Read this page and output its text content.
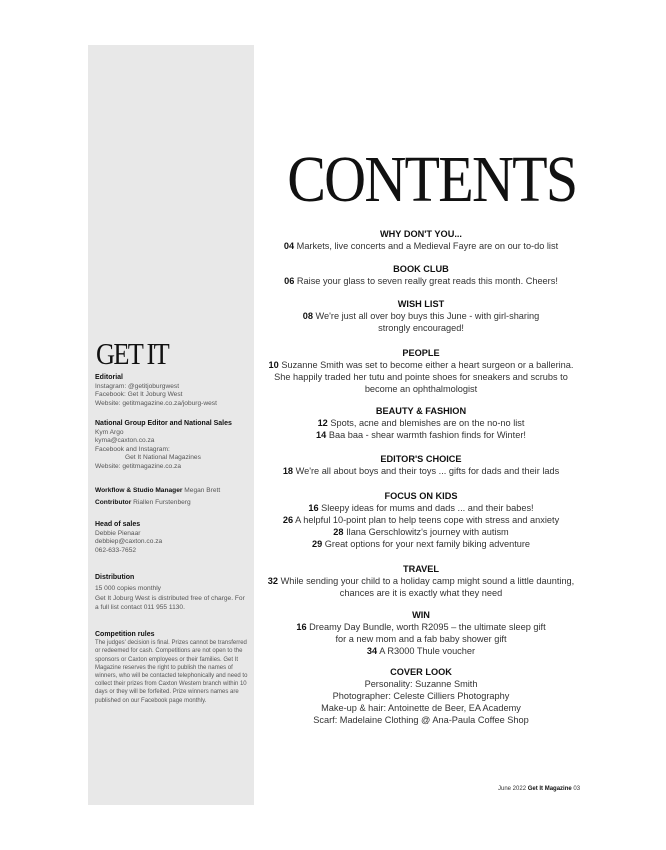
GET IT

Editorial

Instagram: @getitjoburgwest

Facebook: Get It Joburg West

Website: getitmagazine.co.za/joburg-west

National Group Editor and National Sales

Kym Argo

kyma@caxton.co.za

Facebook and Instagram:

Get It National Magazines

Website: getitmagazine.co.za

Workflow & Studio Manager Megan Brett

Contributor Riallen Furstenberg

Head of sales

Debbie Pienaar

debbiep@caxton.co.za

062-633-7652

Distribution

15 000 copies monthly

Get It Joburg West is distributed free of charge. For a full list contact 011 955 1130.

Competition rules

The judges' decision is final. Prizes cannot be transferred or redeemed for cash. Competitions are not open to the sponsors or Caxton employees or their families. Get It Magazine reserves the right to publish the names of winners, who will be contacted telephonically and need to collect their prizes from Caxton Western branch within 10 days or they will be forfeited. Prize winners names are published on our Facebook page monthly.

CONTENTS

WHY DON'T YOU...

04 Markets, live concerts and a Medieval Fayre are on our to-do list

BOOK CLUB

06 Raise your glass to seven really great reads this month. Cheers!

WISH LIST

08 We're just all over boy buys this June - with girl-sharing strongly encouraged!

PEOPLE

10 Suzanne Smith was set to become either a heart surgeon or a ballerina. She happily traded her tutu and pointe shoes for sneakers and scrubs to become an ophthalmologist

BEAUTY & FASHION

12 Spots, acne and blemishes are on the no-no list

14 Baa baa - shear warmth fashion finds for Winter!

EDITOR'S CHOICE

18 We're all about boys and their toys ... gifts for dads and their lads

FOCUS ON KIDS

16 Sleepy ideas for mums and dads ... and their babes!

26 A helpful 10-point plan to help teens cope with stress and anxiety

28 Ilana Gerschlowitz's journey with autism

29 Great options for your next family biking adventure

TRAVEL

32 While sending your child to a holiday camp might sound a little daunting, chances are it is exactly what they need

WIN

16 Dreamy Day Bundle, worth R2095 – the ultimate sleep gift for a new mom and a fab baby shower gift

34 A R3000 Thule voucher

COVER LOOK

Personality: Suzanne Smith

Photographer: Celeste Cilliers Photography

Make-up & hair: Antoinette de Beer, EA Academy

Scarf: Madelaine Clothing @ Ana-Paula Coffee Shop

June 2022 Get It Magazine 03
